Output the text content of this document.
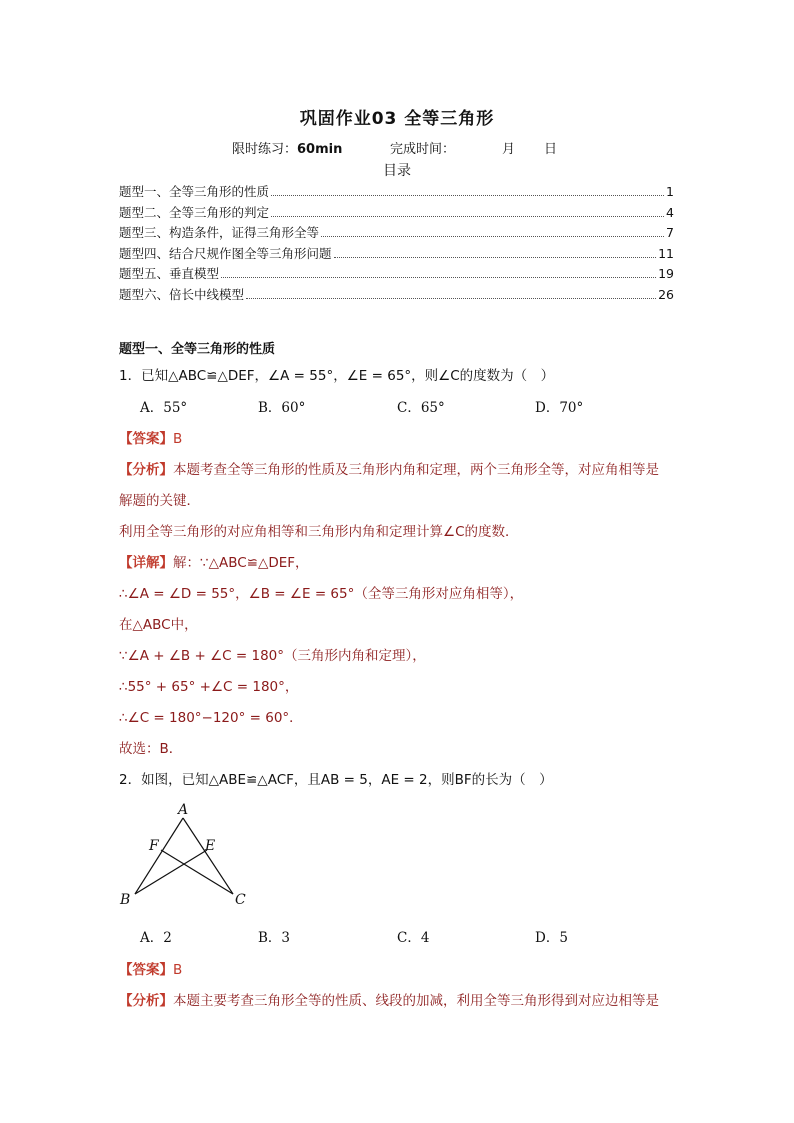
巩固作业03 全等三角形
限时练习：60min	完成时间：	月 日
目录
题型一、全等三角形的性质	1
题型二、全等三角形的判定	4
题型三、构造条件，证得三角形全等	7
题型四、结合尺规作图全等三角形问题	11
题型五、垂直模型	19
题型六、倍长中线模型	26
题型一、全等三角形的性质
1．已知△ABC≌△DEF，∠A = 55°，∠E = 65°，则∠C的度数为（　）
A．55°	B．60°	C．65°	D．70°
【答案】B
【分析】本题考查全等三角形的性质及三角形内角和定理，两个三角形全等，对应角相等是
解题的关键．
利用全等三角形的对应角相等和三角形内角和定理计算∠C的度数．
【详解】解：∵△ABC≌△DEF，
∴∠A = ∠D = 55°，∠B = ∠E = 65°（全等三角形对应角相等），
在△ABC中，
∵∠A + ∠B + ∠C = 180°（三角形内角和定理），
∴55° + 65° +∠C = 180°，
∴∠C = 180°−120° = 60°．
故选：B．
2．如图，已知△ABE≌△ACF，且AB = 5，AE = 2，则BF的长为（　）
A
B	C
E
F
A．2	B．3	C．4	D．5
【答案】B
【分析】本题主要考查三角形全等的性质、线段的加减，利用全等三角形得到对应边相等是
